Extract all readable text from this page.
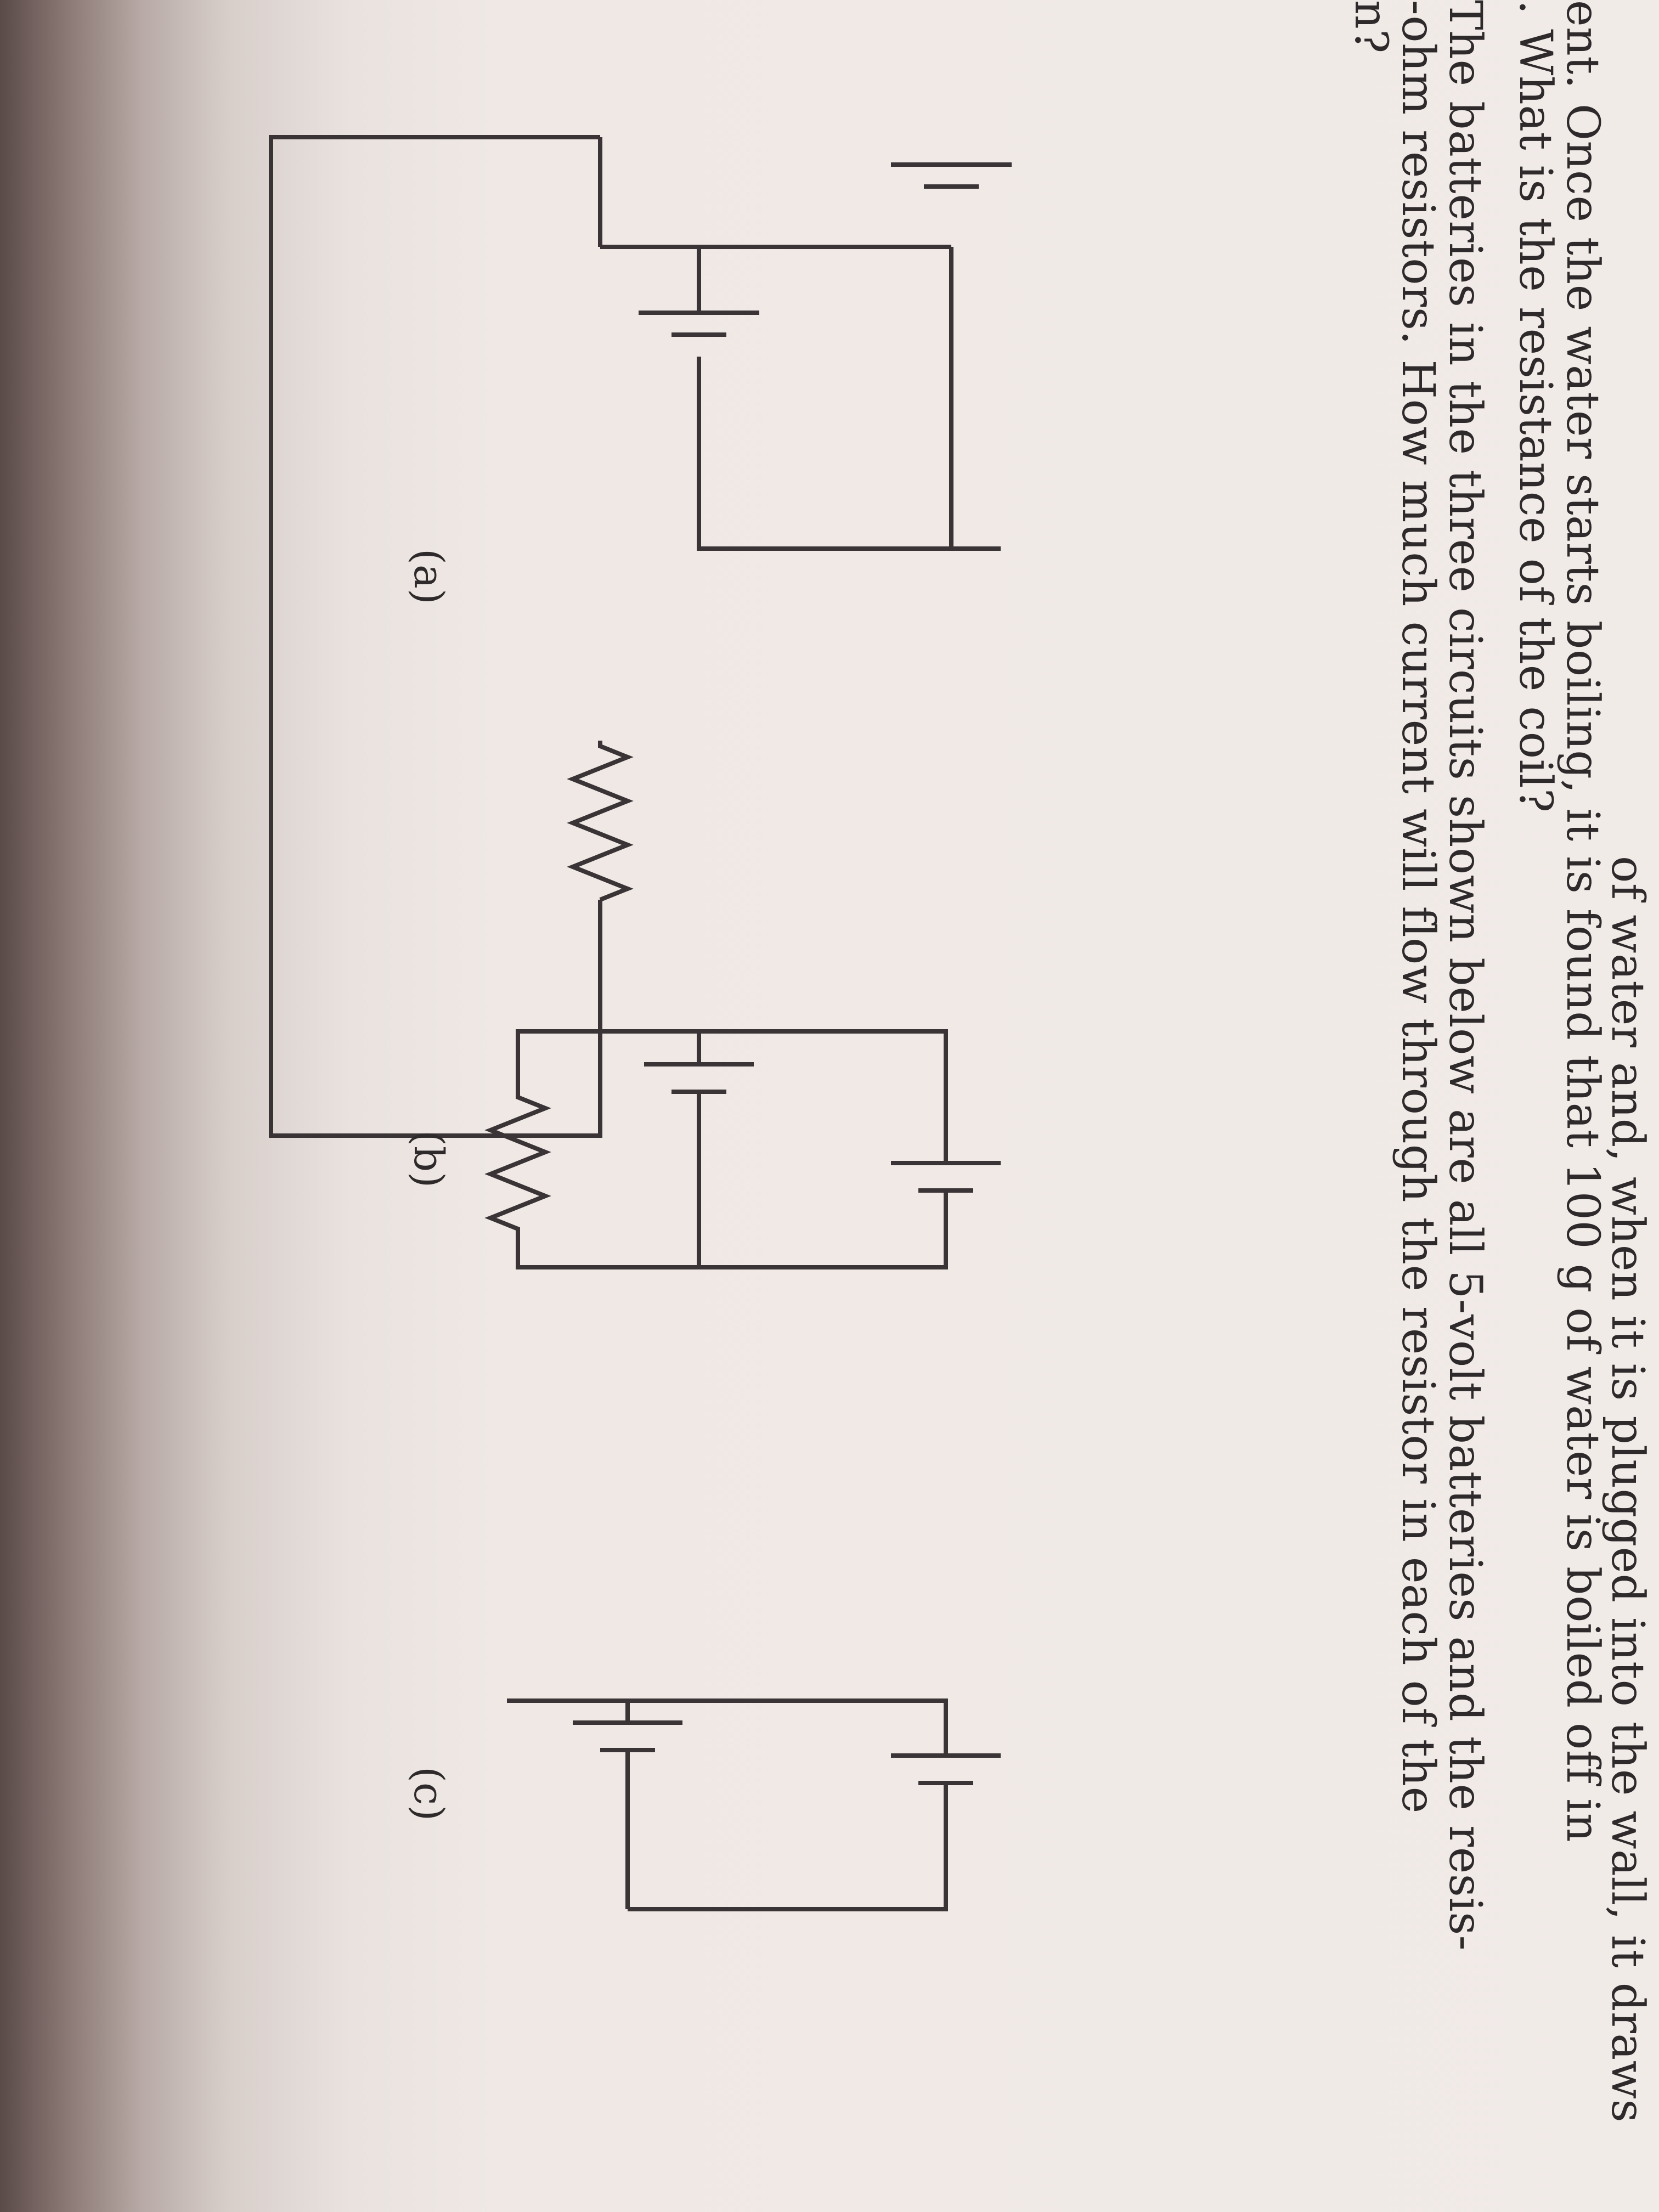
of water and, when it is plugged into the wall, it draws
ent. Once the water starts boiling, it is found that 100 g of water is boiled off in
. What is the resistance of the coil?
The batteries in the three circuits shown below are all 5-volt batteries and the resis-
-ohm resistors. How much current will flow through the resistor in each of the
n?
(a)
(b)
(c)
